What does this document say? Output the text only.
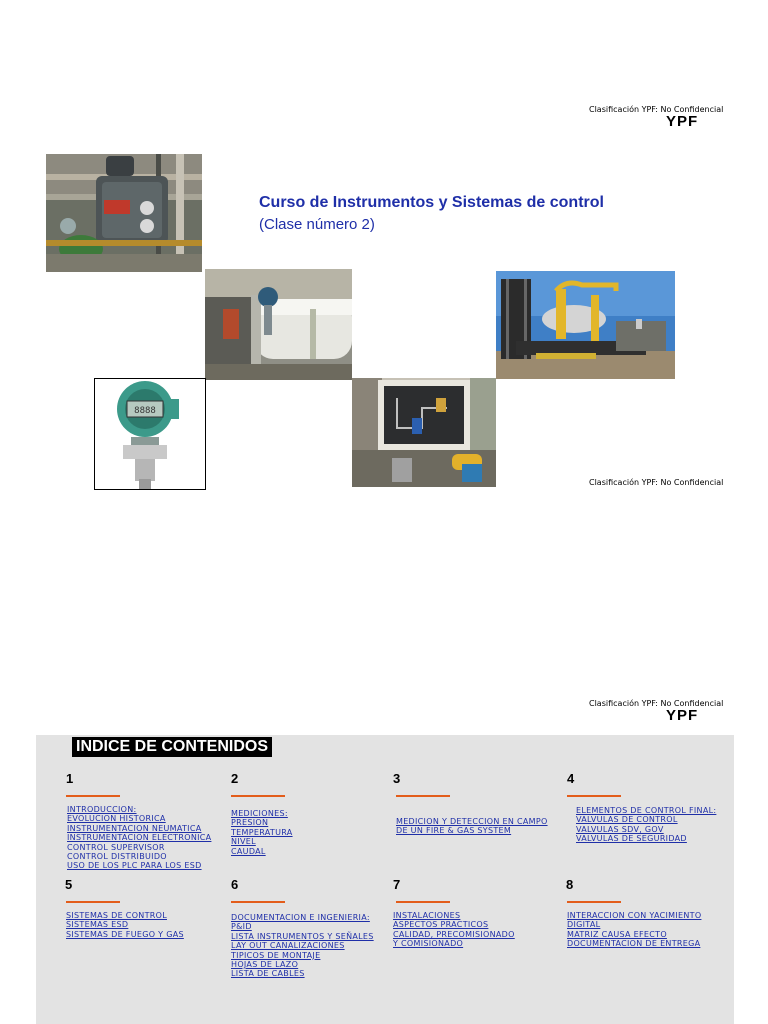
Clasificación YPF: No Confidencial
YPF
8888
Curso de Instrumentos y Sistemas de control
(Clase número 2)
Clasificación YPF: No Confidencial
Clasificación YPF: No Confidencial
YPF
INDICE DE CONTENIDOS
1
INTRODUCCION:
EVOLUCION HISTORICA
INSTRUMENTACION NEUMATICA
INSTRUMENTACION ELECTRONICA
CONTROL SUPERVISOR
CONTROL DISTRIBUIDO
USO DE LOS PLC PARA LOS ESD
2
MEDICIONES:
PRESION
TEMPERATURA
NIVEL
CAUDAL
3
MEDICION Y DETECCION EN CAMPO
DE UN FIRE & GAS SYSTEM
4
ELEMENTOS DE CONTROL FINAL:
VALVULAS DE CONTROL
VALVULAS SDV, GOV
VALVULAS DE SEGURIDAD
5
SISTEMAS DE CONTROL
SISTEMAS ESD
SISTEMAS DE FUEGO Y GAS
6
DOCUMENTACION E INGENIERIA:
P&ID
LISTA INSTRUMENTOS Y SEÑALES
LAY OUT CANALIZACIONES
TIPICOS DE MONTAJE
HOJAS DE LAZO
LISTA DE CABLES
7
INSTALACIONES
ASPECTOS PRACTICOS
CALIDAD, PRECOMISIONADO
Y COMISIONADO
8
INTERACCION CON YACIMIENTO
DIGITAL
MATRIZ CAUSA EFECTO
DOCUMENTACION DE ENTREGA
